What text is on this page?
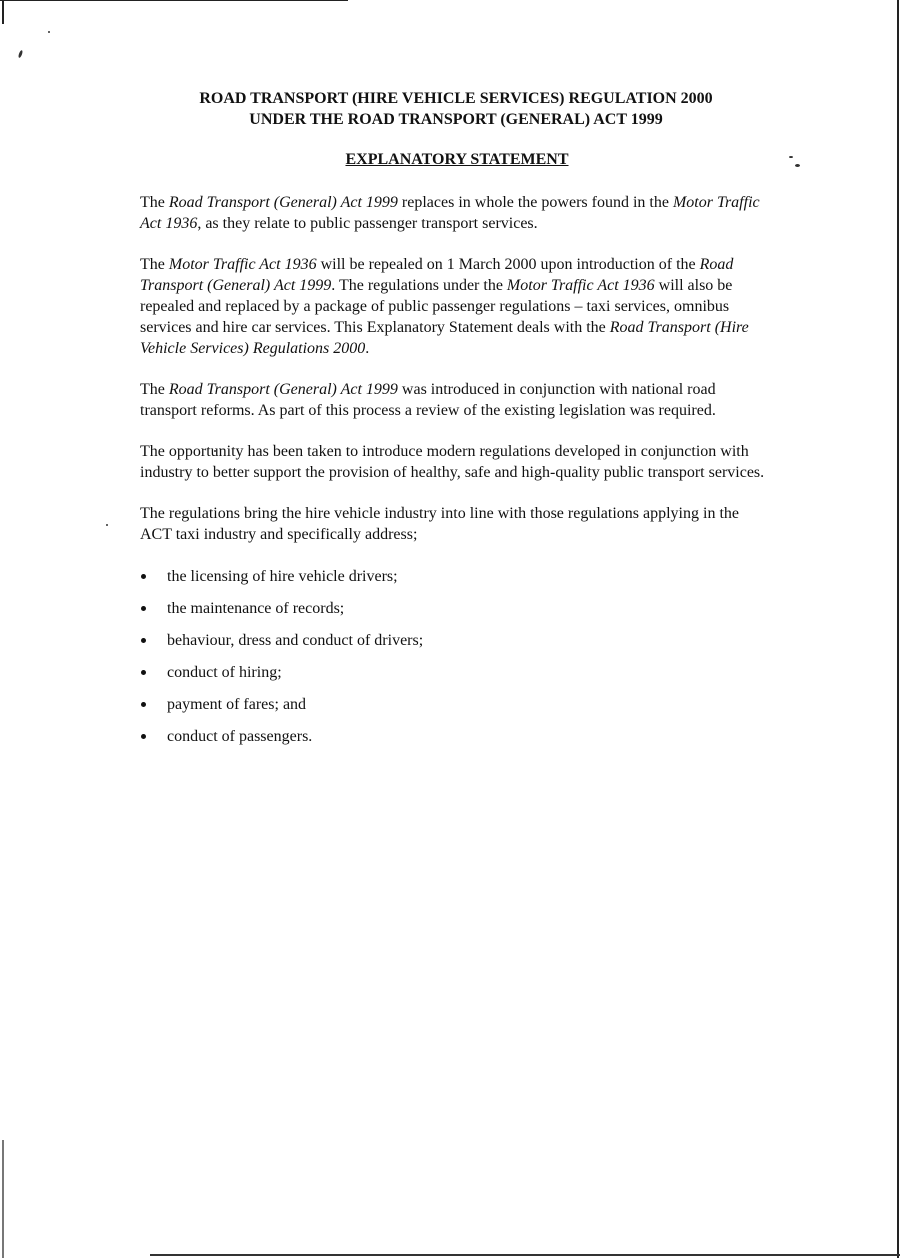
ROAD TRANSPORT (HIRE VEHICLE SERVICES) REGULATION 2000
UNDER THE ROAD TRANSPORT (GENERAL) ACT 1999
EXPLANATORY STATEMENT

The Road Transport (General) Act 1999 replaces in whole the powers found in the Motor Traffic Act 1936, as they relate to public passenger transport services.

The Motor Traffic Act 1936 will be repealed on 1 March 2000 upon introduction of the Road Transport (General) Act 1999. The regulations under the Motor Traffic Act 1936 will also be repealed and replaced by a package of public passenger regulations – taxi services, omnibus services and hire car services. This Explanatory Statement deals with the Road Transport (Hire Vehicle Services) Regulations 2000.

The Road Transport (General) Act 1999 was introduced in conjunction with national road transport reforms. As part of this process a review of the existing legislation was required.

The opportunity has been taken to introduce modern regulations developed in conjunction with industry to better support the provision of healthy, safe and high-quality public transport services.

The regulations bring the hire vehicle industry into line with those regulations applying in the ACT taxi industry and specifically address;

the licensing of hire vehicle drivers;
the maintenance of records;
behaviour, dress and conduct of drivers;
conduct of hiring;
payment of fares; and
conduct of passengers.
